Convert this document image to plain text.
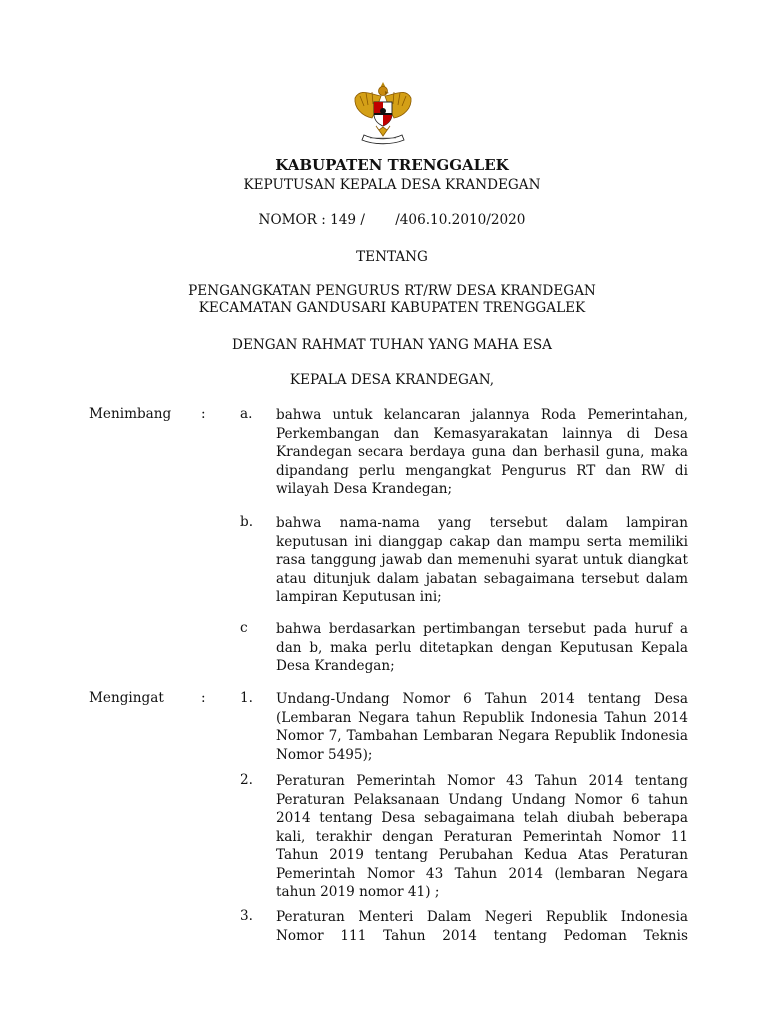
KABUPATEN TRENGGALEK
KEPUTUSAN KEPALA DESA KRANDEGAN
NOMOR : 149 /       /406.10.2010/2020
TENTANG
PENGANGKATAN PENGURUS RT/RW DESA KRANDEGAN
KECAMATAN GANDUSARI KABUPATEN TRENGGALEK
DENGAN RAHMAT TUHAN YANG MAHA ESA
KEPALA DESA KRANDEGAN,
Menimbang :	a. bahwa untuk kelancaran jalannya Roda Pemerintahan, Perkembangan dan Kemasyarakatan lainnya di Desa Krandegan secara berdaya guna dan berhasil guna, maka dipandang perlu mengangkat Pengurus RT dan RW di wilayah Desa Krandegan;
b. bahwa nama-nama yang tersebut dalam lampiran keputusan ini dianggap cakap dan mampu serta memiliki rasa tanggung jawab dan memenuhi syarat untuk diangkat atau ditunjuk dalam jabatan sebagaimana tersebut dalam lampiran Keputusan ini;
c bahwa berdasarkan pertimbangan tersebut pada huruf a dan b, maka perlu ditetapkan dengan Keputusan Kepala Desa Krandegan;
Mengingat	:	1. Undang-Undang Nomor 6 Tahun 2014 tentang Desa (Lembaran Negara tahun Republik Indonesia Tahun 2014 Nomor 7, Tambahan Lembaran Negara Republik Indonesia Nomor 5495);
2. Peraturan Pemerintah Nomor 43 Tahun 2014 tentang Peraturan Pelaksanaan Undang Undang Nomor 6 tahun 2014 tentang Desa sebagaimana telah diubah beberapa kali, terakhir dengan Peraturan Pemerintah Nomor 11 Tahun 2019 tentang Perubahan Kedua Atas Peraturan Pemerintah Nomor 43 Tahun 2014 (lembaran Negara tahun 2019 nomor 41) ;
3. Peraturan Menteri Dalam Negeri Republik Indonesia Nomor 111 Tahun 2014 tentang Pedoman Teknis
